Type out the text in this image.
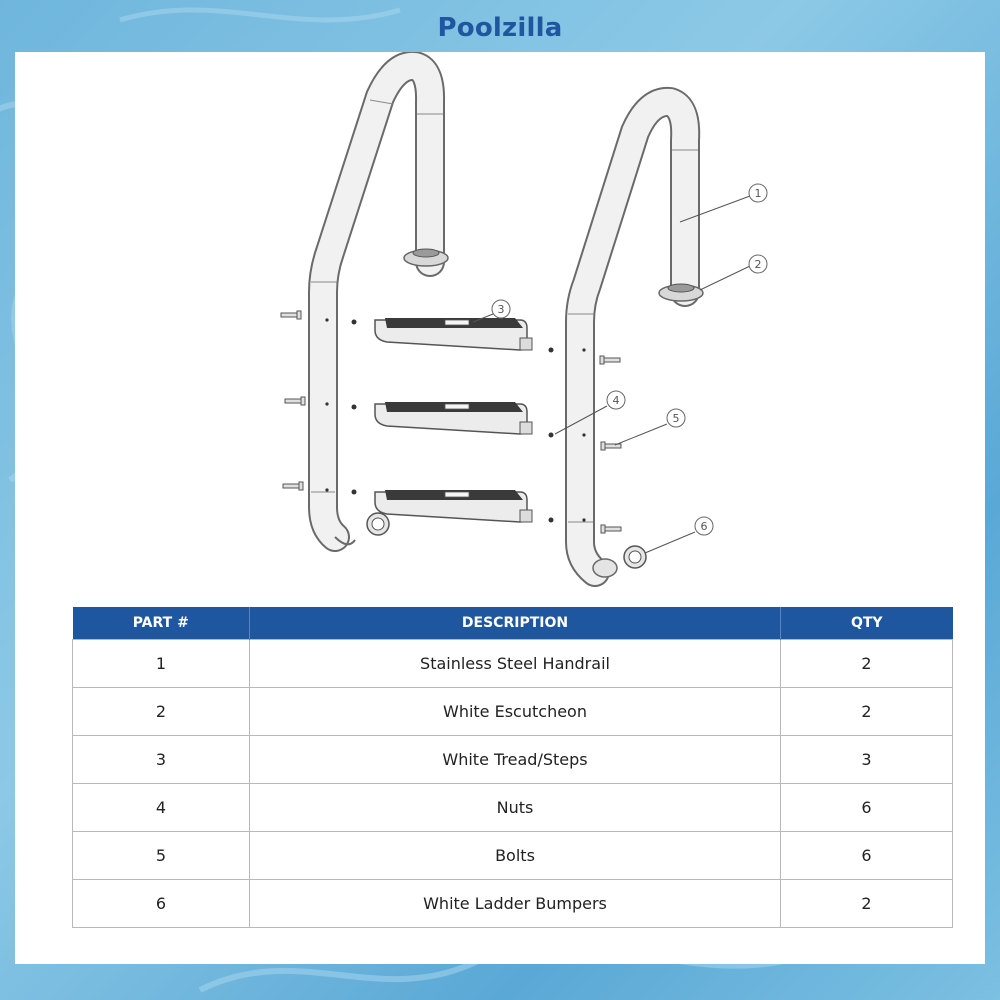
Poolzilla
1
2
3
4
5
6
PART #	DESCRIPTION	QTY
1	Stainless Steel Handrail	2
2	White Escutcheon	2
3	White Tread/Steps	3
4	Nuts	6
5	Bolts	6
6	White Ladder Bumpers	2
